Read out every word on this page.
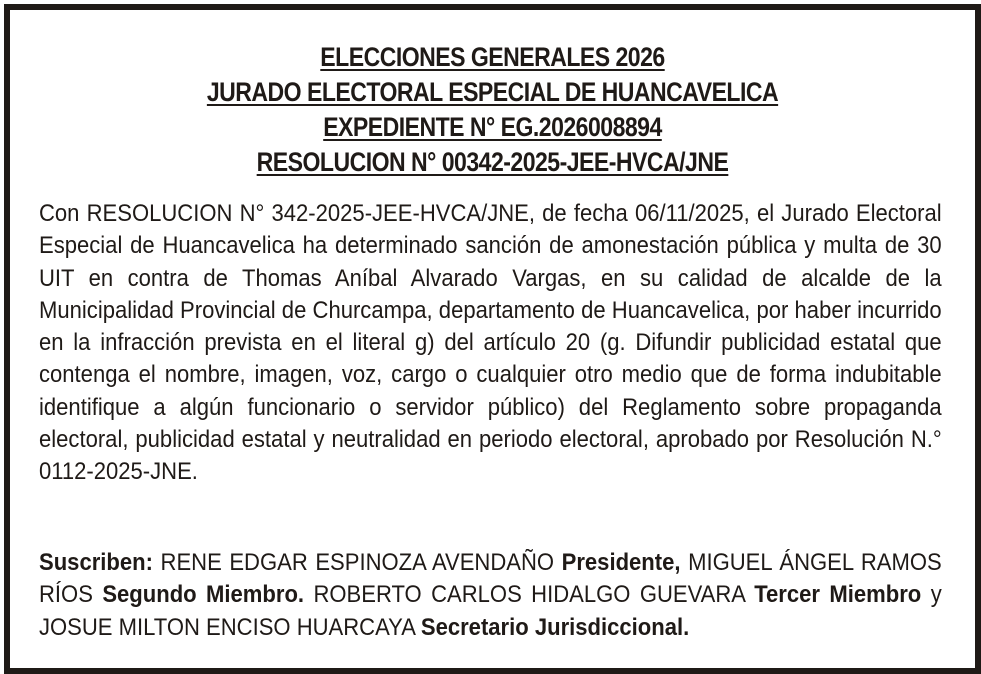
ELECCIONES GENERALES 2026
JURADO ELECTORAL ESPECIAL DE HUANCAVELICA
EXPEDIENTE N° EG.2026008894
RESOLUCION N° 00342-2025-JEE-HVCA/JNE
Con RESOLUCION N° 342-2025-JEE-HVCA/JNE, de fecha 06/11/2025, el Jurado Electoral Especial de Huancavelica ha determinado sanción de amonestación pública y multa de 30 UIT en contra de Thomas Aníbal Alvarado Vargas, en su calidad de alcalde de la Municipalidad Provincial de Churcampa, departamento de Huancavelica, por haber incurrido en la infracción prevista en el literal g) del artículo 20 (g. Difundir publicidad estatal que contenga el nombre, imagen, voz, cargo o cualquier otro medio que de forma indubitable identifique a algún funcionario o servidor público) del Reglamento sobre propaganda electoral, publicidad estatal y neutralidad en periodo electoral, aprobado por Resolución N.° 0112-2025-JNE.
Suscriben: RENE EDGAR ESPINOZA AVENDAÑO Presidente, MIGUEL ÁNGEL RAMOS RÍOS Segundo Miembro. ROBERTO CARLOS HIDALGO GUEVARA Tercer Miembro y JOSUE MILTON ENCISO HUARCAYA Secretario Jurisdiccional.
